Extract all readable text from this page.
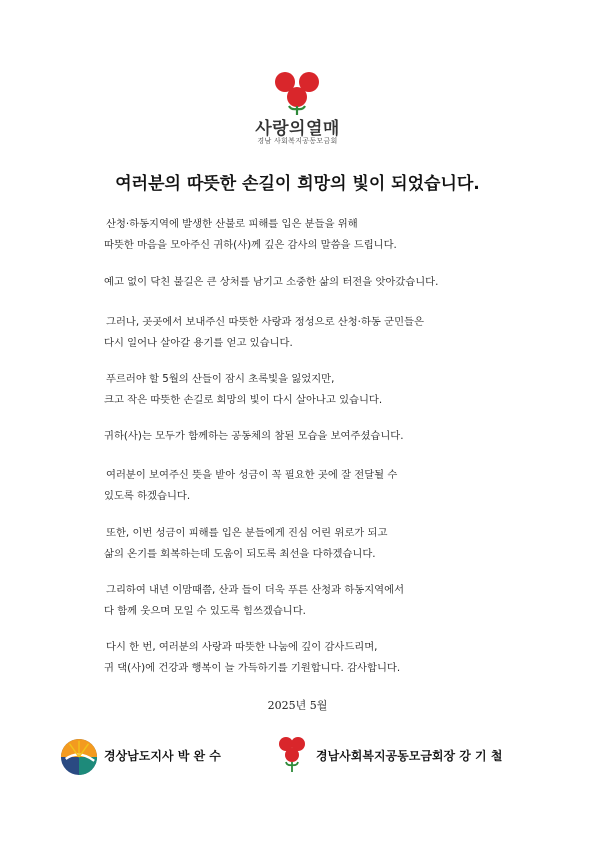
사랑의열매
경남 사회복지공동모금회
여러분의 따뜻한 손길이 희망의 빛이 되었습니다.

산청·하동지역에 발생한 산불로 피해를 입은 분들을 위해

따뜻한 마음을 모아주신 귀하(사)께 깊은 감사의 말씀을 드립니다.

예고 없이 닥친 불길은 큰 상처를 남기고 소중한 삶의 터전을 앗아갔습니다.

그러나, 곳곳에서 보내주신 따뜻한 사랑과 정성으로 산청·하동 군민들은

다시 일어나 살아갈 용기를 얻고 있습니다.

푸르러야 할 5월의 산들이 잠시 초록빛을 잃었지만,

크고 작은 따뜻한 손길로 희망의 빛이 다시 살아나고 있습니다.

귀하(사)는 모두가 함께하는 공동체의 참된 모습을 보여주셨습니다.

여러분이 보여주신 뜻을 받아 성금이 꼭 필요한 곳에 잘 전달될 수

있도록 하겠습니다.

또한, 이번 성금이 피해를 입은 분들에게 진심 어린 위로가 되고

삶의 온기를 회복하는데 도움이 되도록 최선을 다하겠습니다.

그리하여 내년 이맘때쯤, 산과 들이 더욱 푸른 산청과 하동지역에서

다 함께 웃으며 모일 수 있도록 힘쓰겠습니다.

다시 한 번, 여러분의 사랑과 따뜻한 나눔에 깊이 감사드리며,

귀 댁(사)에 건강과 행복이 늘 가득하기를 기원합니다. 감사합니다.

2025년 5월
경상남도지사 박 완 수	경남사회복지공동모금회장 강 기 철
